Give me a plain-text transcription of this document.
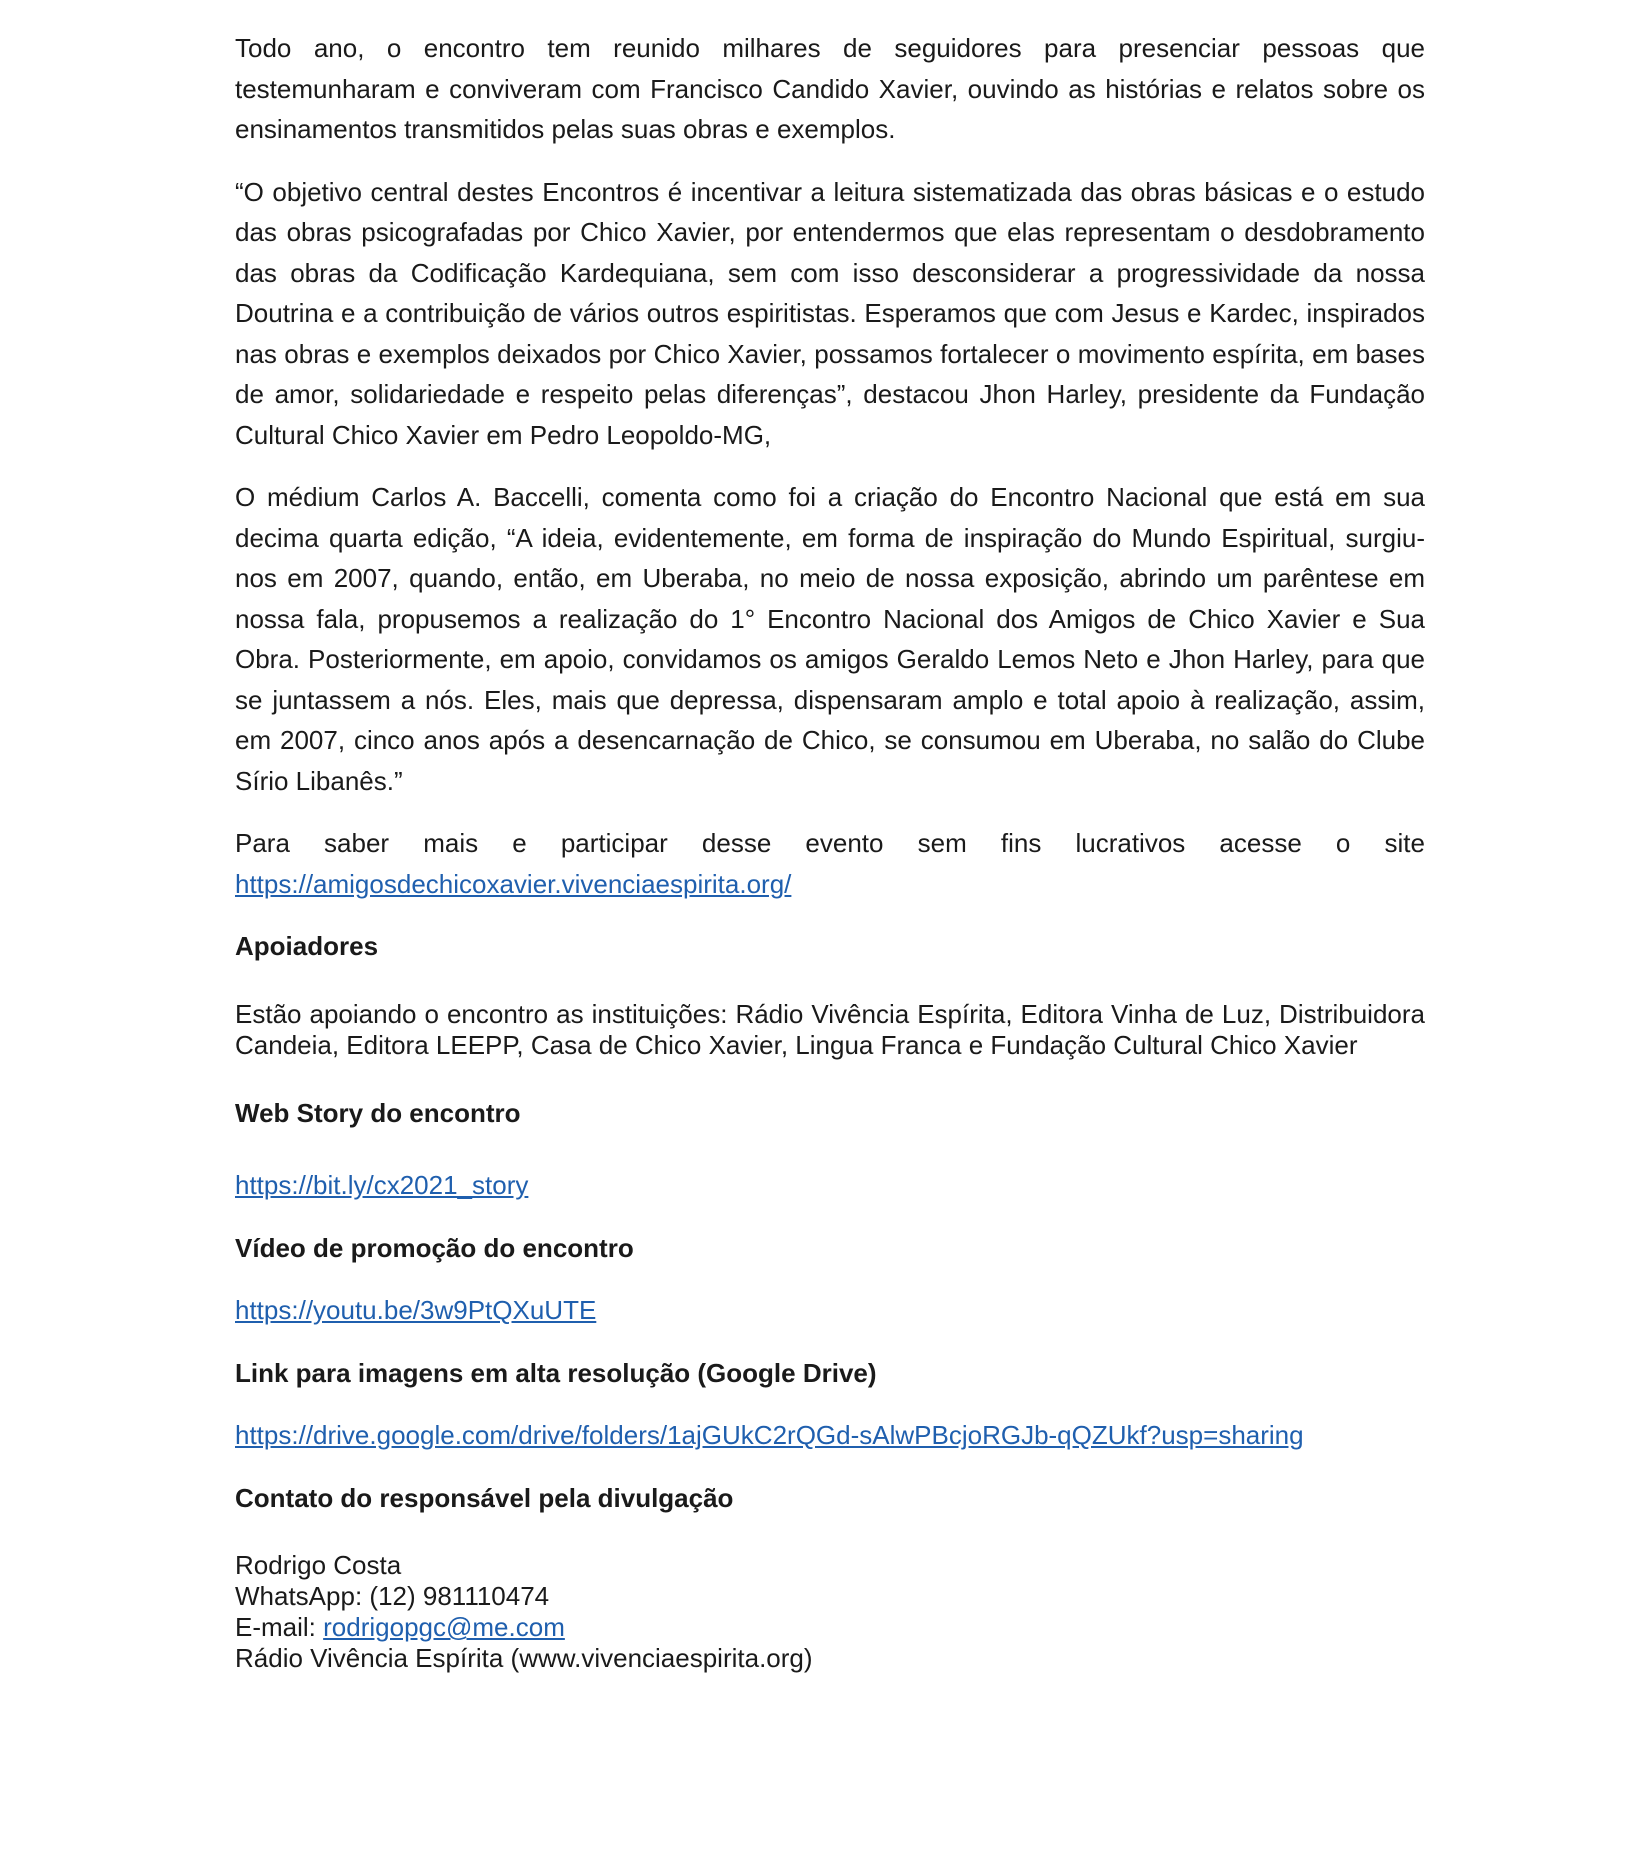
Todo ano, o encontro tem reunido milhares de seguidores para presenciar pessoas que testemunharam e conviveram com Francisco Candido Xavier, ouvindo as histórias e relatos sobre os ensinamentos transmitidos pelas suas obras e exemplos.

“O objetivo central destes Encontros é incentivar a leitura sistematizada das obras básicas e o estudo das obras psicografadas por Chico Xavier, por entendermos que elas representam o desdobramento das obras da Codificação Kardequiana, sem com isso desconsiderar a progressividade da nossa Doutrina e a contribuição de vários outros espiritistas. Esperamos que com Jesus e Kardec, inspirados nas obras e exemplos deixados por Chico Xavier, possamos fortalecer o movimento espírita, em bases de amor, solidariedade e respeito pelas diferenças”, destacou Jhon Harley, presidente da Fundação Cultural Chico Xavier em Pedro Leopoldo-MG,

O médium Carlos A. Baccelli, comenta como foi a criação do Encontro Nacional que está em sua decima quarta edição, “A ideia, evidentemente, em forma de inspiração do Mundo Espiritual, surgiu-nos em 2007, quando, então, em Uberaba, no meio de nossa exposição, abrindo um parêntese em nossa fala, propusemos a realização do 1° Encontro Nacional dos Amigos de Chico Xavier e Sua Obra. Posteriormente, em apoio, convidamos os amigos Geraldo Lemos Neto e Jhon Harley, para que se juntassem a nós. Eles, mais que depressa, dispensaram amplo e total apoio à realização, assim, em 2007, cinco anos após a desencarnação de Chico, se consumou em Uberaba, no salão do Clube Sírio Libanês.”

Para saber mais e participar desse evento sem fins lucrativos acesse o site

https://amigosdechicoxavier.vivenciaespirita.org/

Apoiadores

Estão apoiando o encontro as instituições: Rádio Vivência Espírita, Editora Vinha de Luz, Distribuidora Candeia, Editora LEEPP, Casa de Chico Xavier, Lingua Franca e Fundação Cultural Chico Xavier

Web Story do encontro

https://bit.ly/cx2021_story

Vídeo de promoção do encontro

https://youtu.be/3w9PtQXuUTE

Link para imagens em alta resolução (Google Drive)

https://drive.google.com/drive/folders/1ajGUkC2rQGd-sAlwPBcjoRGJb-qQZUkf?usp=sharing

Contato do responsável pela divulgação

Rodrigo Costa

WhatsApp: (12) 981110474

E-mail: rodrigopgc@me.com

Rádio Vivência Espírita (www.vivenciaespirita.org)
